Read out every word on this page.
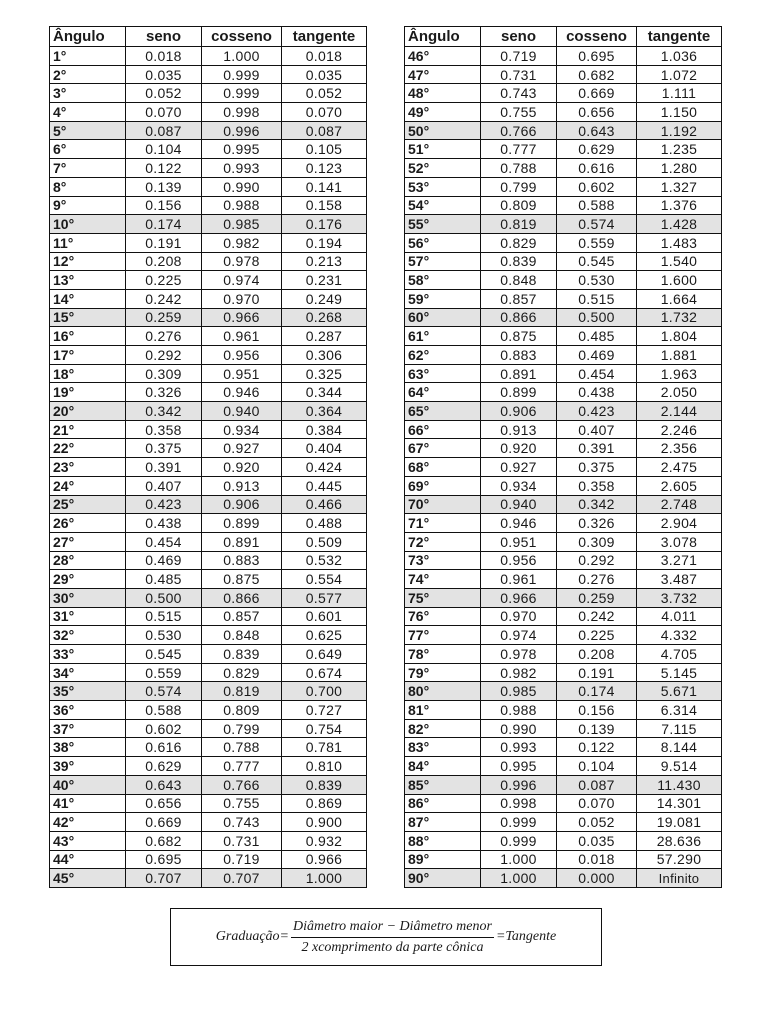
Ângulo	seno	cosseno	tangente
1°	0.018	1.000	0.018
2°	0.035	0.999	0.035
3°	0.052	0.999	0.052
4°	0.070	0.998	0.070
5°	0.087	0.996	0.087
6°	0.104	0.995	0.105
7°	0.122	0.993	0.123
8°	0.139	0.990	0.141
9°	0.156	0.988	0.158
10°	0.174	0.985	0.176
11°	0.191	0.982	0.194
12°	0.208	0.978	0.213
13°	0.225	0.974	0.231
14°	0.242	0.970	0.249
15°	0.259	0.966	0.268
16°	0.276	0.961	0.287
17°	0.292	0.956	0.306
18°	0.309	0.951	0.325
19°	0.326	0.946	0.344
20°	0.342	0.940	0.364
21°	0.358	0.934	0.384
22°	0.375	0.927	0.404
23°	0.391	0.920	0.424
24°	0.407	0.913	0.445
25°	0.423	0.906	0.466
26°	0.438	0.899	0.488
27°	0.454	0.891	0.509
28°	0.469	0.883	0.532
29°	0.485	0.875	0.554
30°	0.500	0.866	0.577
31°	0.515	0.857	0.601
32°	0.530	0.848	0.625
33°	0.545	0.839	0.649
34°	0.559	0.829	0.674
35°	0.574	0.819	0.700
36°	0.588	0.809	0.727
37°	0.602	0.799	0.754
38°	0.616	0.788	0.781
39°	0.629	0.777	0.810
40°	0.643	0.766	0.839
41°	0.656	0.755	0.869
42°	0.669	0.743	0.900
43°	0.682	0.731	0.932
44°	0.695	0.719	0.966
45°	0.707	0.707	1.000
Ângulo	seno	cosseno	tangente
46°	0.719	0.695	1.036
47°	0.731	0.682	1.072
48°	0.743	0.669	1.111
49°	0.755	0.656	1.150
50°	0.766	0.643	1.192
51°	0.777	0.629	1.235
52°	0.788	0.616	1.280
53°	0.799	0.602	1.327
54°	0.809	0.588	1.376
55°	0.819	0.574	1.428
56°	0.829	0.559	1.483
57°	0.839	0.545	1.540
58°	0.848	0.530	1.600
59°	0.857	0.515	1.664
60°	0.866	0.500	1.732
61°	0.875	0.485	1.804
62°	0.883	0.469	1.881
63°	0.891	0.454	1.963
64°	0.899	0.438	2.050
65°	0.906	0.423	2.144
66°	0.913	0.407	2.246
67°	0.920	0.391	2.356
68°	0.927	0.375	2.475
69°	0.934	0.358	2.605
70°	0.940	0.342	2.748
71°	0.946	0.326	2.904
72°	0.951	0.309	3.078
73°	0.956	0.292	3.271
74°	0.961	0.276	3.487
75°	0.966	0.259	3.732
76°	0.970	0.242	4.011
77°	0.974	0.225	4.332
78°	0.978	0.208	4.705
79°	0.982	0.191	5.145
80°	0.985	0.174	5.671
81°	0.988	0.156	6.314
82°	0.990	0.139	7.115
83°	0.993	0.122	8.144
84°	0.995	0.104	9.514
85°	0.996	0.087	11.430
86°	0.998	0.070	14.301
87°	0.999	0.052	19.081
88°	0.999	0.035	28.636
89°	1.000	0.018	57.290
90°	1.000	0.000	Infinito
Graduação= $\frac{\text{Diâmetro maior − Diâmetro menor}}{\text{2 xcomprimento da parte cônica}}$ =Tangente
